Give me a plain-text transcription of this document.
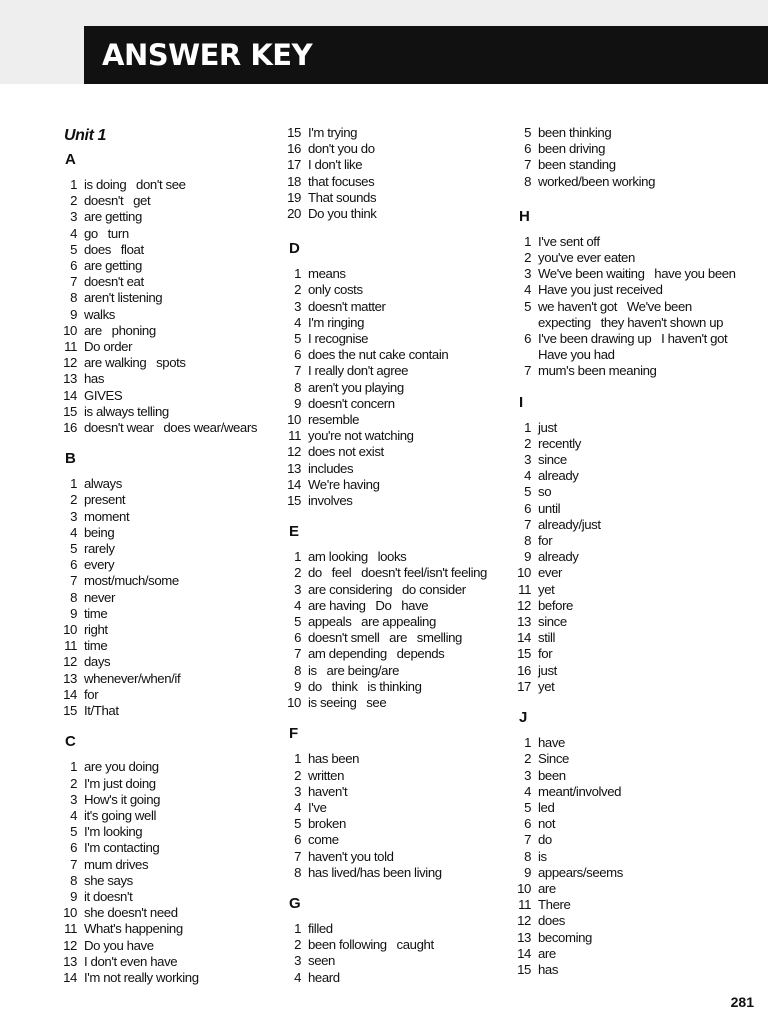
ANSWER KEY
Unit 1
A
1 is doing   don't see
2 doesn't   get
3 are getting
4 go   turn
5 does   float
6 are getting
7 doesn't eat
8 aren't listening
9 walks
10 are   phoning
11 Do order
12 are walking   spots
13 has
14 GIVES
15 is always telling
16 doesn't wear   does wear/wears
B
1 always
2 present
3 moment
4 being
5 rarely
6 every
7 most/much/some
8 never
9 time
10 right
11 time
12 days
13 whenever/when/if
14 for
15 It/That
C
1 are you doing
2 I'm just doing
3 How's it going
4 it's going well
5 I'm looking
6 I'm contacting
7 mum drives
8 she says
9 it doesn't
10 she doesn't need
11 What's happening
12 Do you have
13 I don't even have
14 I'm not really working
15 I'm trying
16 don't you do
17 I don't like
18 that focuses
19 That sounds
20 Do you think
D
1 means
2 only costs
3 doesn't matter
4 I'm ringing
5 I recognise
6 does the nut cake contain
7 I really don't agree
8 aren't you playing
9 doesn't concern
10 resemble
11 you're not watching
12 does not exist
13 includes
14 We're having
15 involves
E
1 am looking   looks
2 do   feel   doesn't feel/isn't feeling
3 are considering   do consider
4 are having   Do   have
5 appeals   are appealing
6 doesn't smell   are   smelling
7 am depending   depends
8 is   are being/are
9 do   think   is thinking
10 is seeing   see
F
1 has been
2 written
3 haven't
4 I've
5 broken
6 come
7 haven't you told
8 has lived/has been living
G
1 filled
2 been following   caught
3 seen
4 heard
5 been thinking
6 been driving
7 been standing
8 worked/been working
H
1 I've sent off
2 you've ever eaten
3 We've been waiting   have you been
4 Have you just received
5 we haven't got   We've been expecting   they haven't shown up
6 I've been drawing up   I haven't got   Have you had
7 mum's been meaning
I
1 just
2 recently
3 since
4 already
5 so
6 until
7 already/just
8 for
9 already
10 ever
11 yet
12 before
13 since
14 still
15 for
16 just
17 yet
J
1 have
2 Since
3 been
4 meant/involved
5 led
6 not
7 do
8 is
9 appears/seems
10 are
11 There
12 does
13 becoming
14 are
15 has
281
